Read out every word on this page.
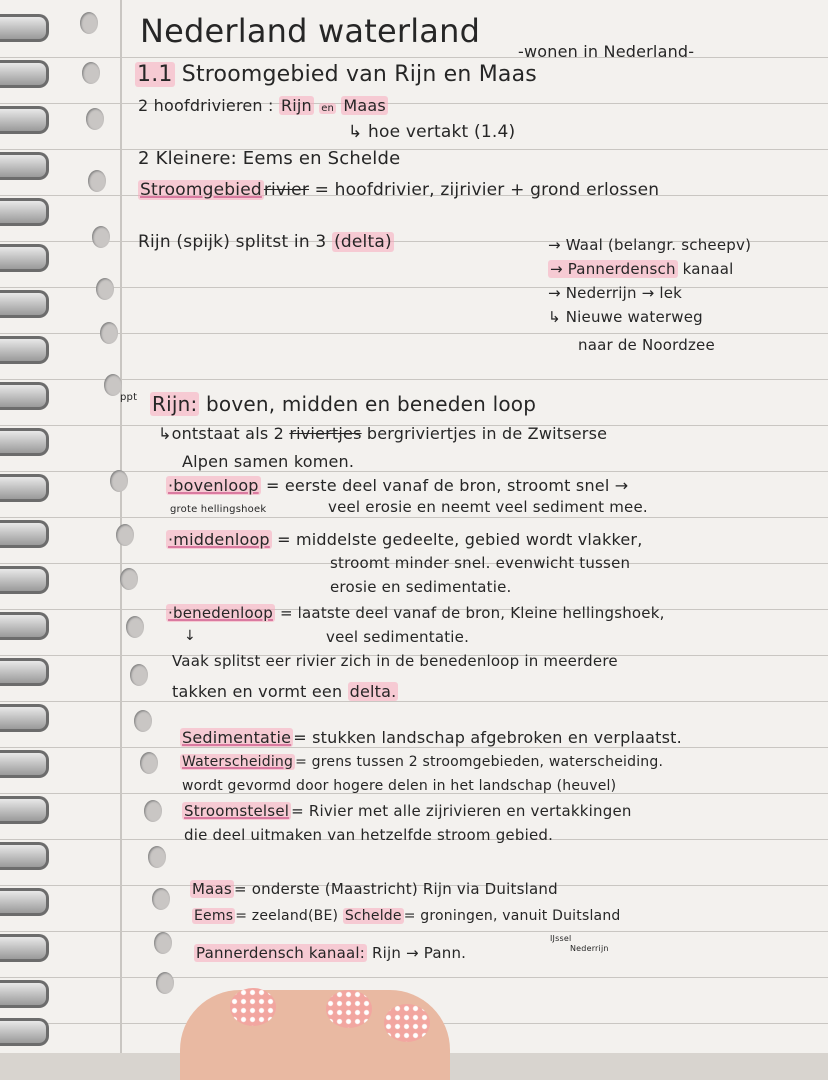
Nederland waterland

-wonen in Nederland-

1.1 Stroomgebied van Rijn en Maas

2 hoofdrivieren : Rijn en Maas

↳ hoe vertakt (1.4)

2 Kleinere: Eems en Schelde

Stroomgebied rivier = hoofdrivier, zijrivier + grond erlossen

Rijn (spijk) splitst in 3 (delta)	→ Waal (belangr. scheepv)

→ Pannerdensch kanaal

→ Nederrijn → lek

↳ Nieuwe waterweg

naar de Noordzee

ppt Rijn: boven, midden en beneden loop

↳ontstaat als 2 riviertjes bergriviertjes in de Zwitserse

Alpen samen komen.

·bovenloop = eerste deel vanaf de bron, stroomt snel →

grote hellingshoek	veel erosie en neemt veel sediment mee.

·middenloop = middelste gedeelte, gebied wordt vlakker,

stroomt minder snel. evenwicht tussen

erosie en sedimentatie.

·benedenloop = laatste deel vanaf de bron, Kleine hellingshoek,

↓	veel sedimentatie.

Vaak splitst eer rivier zich in de benedenloop in meerdere

takken en vormt een delta.

Sedimentatie = stukken landschap afgebroken en verplaatst.

Waterscheiding = grens tussen 2 stroomgebieden, waterscheiding.

wordt gevormd door hogere delen in het landschap (heuvel)

Stroomstelsel = Rivier met alle zijrivieren en vertakkingen

die deel uitmaken van hetzelfde stroom gebied.

Maas = onderste (Maastricht) Rijn via Duitsland

Eems = zeeland(BE) Schelde = groningen, vanuit Duitsland

Pannerdensch kanaal: Rijn → Pann.

IJssel

Nederrijn
